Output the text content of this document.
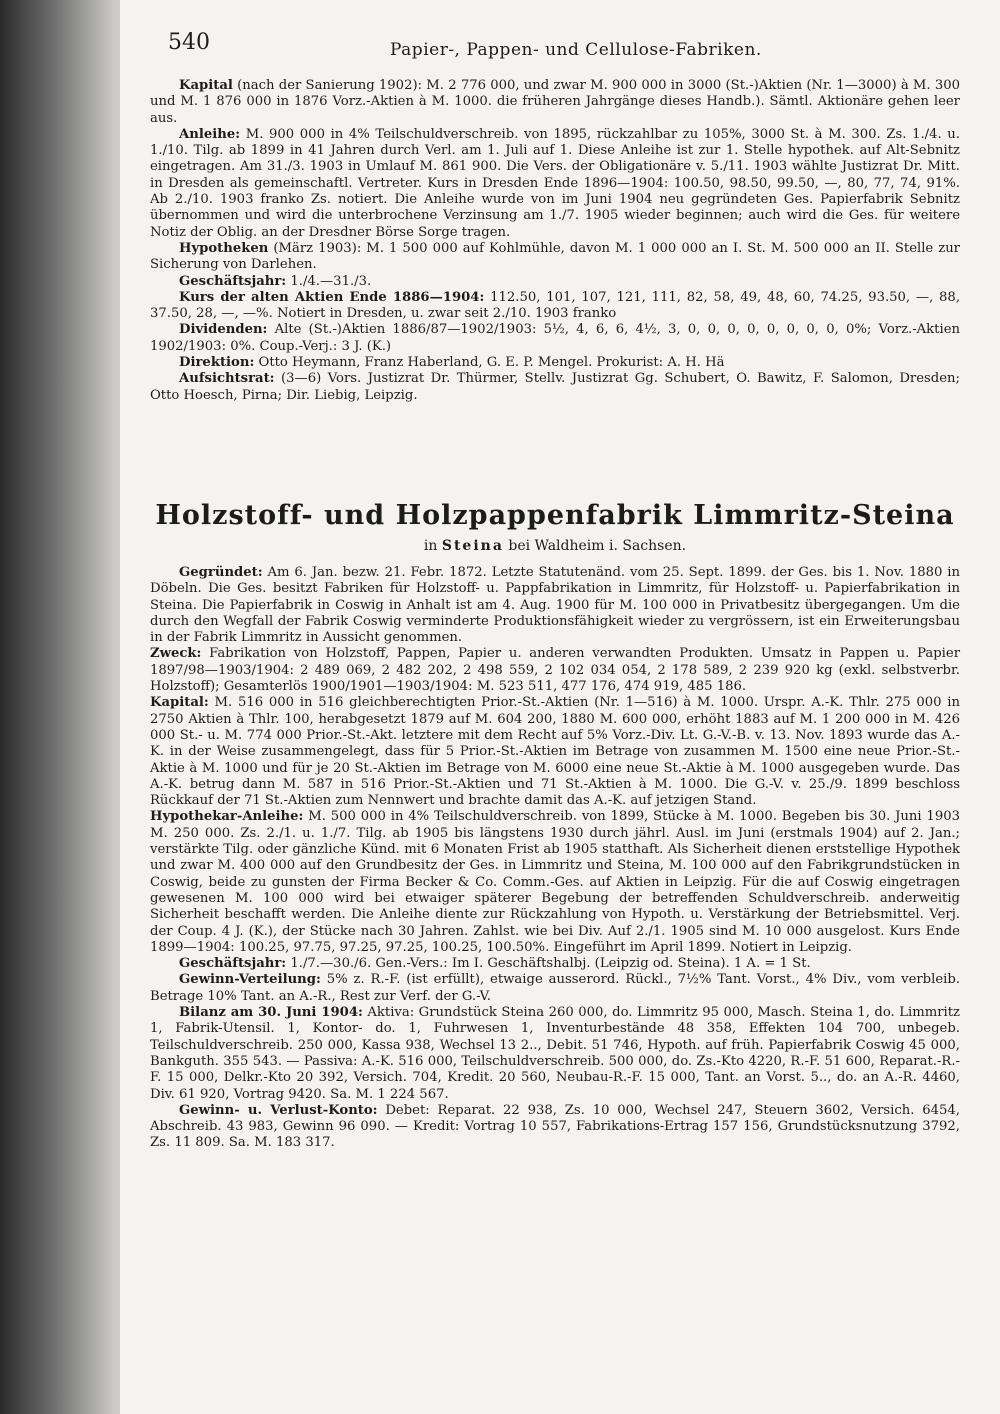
540	Papier-, Pappen- und Cellulose-Fabriken.

Kapital (nach der Sanierung 1902): M. 2 776 000, und zwar M. 900 000 in 3000 (St.-)Aktien (Nr. 1—3000) à M. 300 und M. 1 876 000 in 1876 Vorz.-Aktien à M. 1000. die früheren Jahrgänge dieses Handb.). Sämtl. Aktionäre gehen leer aus.

Anleihe: M. 900 000 in 4% Teilschuldverschreib. von 1895, rückzahlbar zu 105%, 3000 St. à M. 300. Zs. 1./4. u. 1./10. Tilg. ab 1899 in 41 Jahren durch Verl. am 1. Juli auf 1. Diese Anleihe ist zur 1. Stelle hypothek. auf Alt-Sebnitz eingetragen. Am 31./3. 1903 in Umlauf M. 861 900. Die Vers. der Obligationäre v. 5./11. 1903 wählte Justizrat Dr. Mitt. in Dresden als gemeinschaftl. Vertreter. Kurs in Dresden Ende 1896—1904: 100.50, 98.50, 99.50, —, 80, 77, 74, 91%. Ab 2./10. 1903 franko Zs. notiert. Die Anleihe wurde von im Juni 1904 neu gegründeten Ges. Papierfabrik Sebnitz übernommen und wird die unterbrochene Verzinsung am 1./7. 1905 wieder beginnen; auch wird die Ges. für weitere Notiz der Oblig. an der Dresdner Börse Sorge tragen.

Hypotheken (März 1903): M. 1 500 000 auf Kohlmühle, davon M. 1 000 000 an I. St. M. 500 000 an II. Stelle zur Sicherung von Darlehen.

Geschäftsjahr: 1./4.—31./3.

Kurs der alten Aktien Ende 1886—1904: 112.50, 101, 107, 121, 111, 82, 58, 49, 48, 60, 74.25, 93.50, —, 88, 37.50, 28, —, —%. Notiert in Dresden, u. zwar seit 2./10. 1903 franko

Dividenden: Alte (St.-)Aktien 1886/87—1902/1903: 5½, 4, 6, 6, 4½, 3, 0, 0, 0, 0, 0, 0, 0, 0, 0%; Vorz.-Aktien 1902/1903: 0%. Coup.-Verj.: 3 J. (K.)

Direktion: Otto Heymann, Franz Haberland, G. E. P. Mengel. Prokurist: A. H. Hä

Aufsichtsrat: (3—6) Vors. Justizrat Dr. Thürmer, Stellv. Justizrat Gg. Schubert, O. Bawitz, F. Salomon, Dresden; Otto Hoesch, Pirna; Dir. Liebig, Leipzig.

Holzstoff- und Holzpappenfabrik Limmritz-Steina
in Steina bei Waldheim i. Sachsen.

Gegründet: Am 6. Jan. bezw. 21. Febr. 1872. Letzte Statutenänd. vom 25. Sept. 1899. der Ges. bis 1. Nov. 1880 in Döbeln. Die Ges. besitzt Fabriken für Holzstoff- u. Pappfabrikation in Limmritz, für Holzstoff- u. Papierfabrikation in Steina. Die Papierfabrik in Coswig in Anhalt ist am 4. Aug. 1900 für M. 100 000 in Privatbesitz übergegangen. Um die durch den Wegfall der Fabrik Coswig verminderte Produktionsfähigkeit wieder zu vergrössern, ist ein Erweiterungsbau in der Fabrik Limmritz in Aussicht genommen.

Zweck: Fabrikation von Holzstoff, Pappen, Papier u. anderen verwandten Produkten. Umsatz in Pappen u. Papier 1897/98—1903/1904: 2 489 069, 2 482 202, 2 498 559, 2 102 034 054, 2 178 589, 2 239 920 kg (exkl. selbstverbr. Holzstoff); Gesamterlös 1900/1901—1903/1904: M. 523 511, 477 176, 474 919, 485 186.

Kapital: M. 516 000 in 516 gleichberechtigten Prior.-St.-Aktien (Nr. 1—516) à M. 1000. Urspr. A.-K. Thlr. 275 000 in 2750 Aktien à Thlr. 100, herabgesetzt 1879 auf M. 604 200, 1880 M. 600 000, erhöht 1883 auf M. 1 200 000 in M. 426 000 St.- u. M. 774 000 Prior.-St.-Akt. letztere mit dem Recht auf 5% Vorz.-Div. Lt. G.-V.-B. v. 13. Nov. 1893 wurde das A.-K. in der Weise zusammengelegt, dass für 5 Prior.-St.-Aktien im Betrage von zusammen M. 1500 eine neue Prior.-St.-Aktie à M. 1000 und für je 20 St.-Aktien im Betrage von M. 6000 eine neue St.-Aktie à M. 1000 ausgegeben wurde. Das A.-K. betrug dann M. 587 in 516 Prior.-St.-Aktien und 71 St.-Aktien à M. 1000. Die G.-V. v. 25./9. 1899 beschloss Rückkauf der 71 St.-Aktien zum Nennwert und brachte damit das A.-K. auf jetzigen Stand.

Hypothekar-Anleihe: M. 500 000 in 4% Teilschuldverschreib. von 1899, Stücke à M. 1000. Begeben bis 30. Juni 1903 M. 250 000. Zs. 2./1. u. 1./7. Tilg. ab 1905 bis längstens 1930 durch jährl. Ausl. im Juni (erstmals 1904) auf 2. Jan.; verstärkte Tilg. oder gänzliche Künd. mit 6 Monaten Frist ab 1905 statthaft. Als Sicherheit dienen erststellige Hypothek und zwar M. 400 000 auf den Grundbesitz der Ges. in Limmritz und Steina, M. 100 000 auf den Fabrikgrundstücken in Coswig, beide zu gunsten der Firma Becker & Co. Comm.-Ges. auf Aktien in Leipzig. Für die auf Coswig eingetragen gewesenen M. 100 000 wird bei etwaiger späterer Begebung der betreffenden Schuldverschreib. anderweitig Sicherheit beschafft werden. Die Anleihe diente zur Rückzahlung von Hypoth. u. Verstärkung der Betriebsmittel. Verj. der Coup. 4 J. (K.), der Stücke nach 30 Jahren. Zahlst. wie bei Div. Auf 2./1. 1905 sind M. 10 000 ausgelost. Kurs Ende 1899—1904: 100.25, 97.75, 97.25, 97.25, 100.25, 100.50%. Eingeführt im April 1899. Notiert in Leipzig.

Geschäftsjahr: 1./7.—30./6. Gen.-Vers.: Im I. Geschäftshalbj. (Leipzig od. Steina). 1 A. = 1 St.

Gewinn-Verteilung: 5% z. R.-F. (ist erfüllt), etwaige ausserord. Rückl., 7½% Tant. Vorst., 4% Div., vom verbleib. Betrage 10% Tant. an A.-R., Rest zur Verf. der G.-V.

Bilanz am 30. Juni 1904: Aktiva: Grundstück Steina 260 000, do. Limmritz 95 000, Masch. Steina 1, do. Limmritz 1, Fabrik-Utensil. 1, Kontor- do. 1, Fuhrwesen 1, Inventurbestände 48 358, Effekten 104 700, unbegeb. Teilschuldverschreib. 250 000, Kassa 938, Wechsel 13 2.., Debit. 51 746, Hypoth. auf früh. Papierfabrik Coswig 45 000, Bankguth. 355 543. — Passiva: A.-K. 516 000, Teilschuldverschreib. 500 000, do. Zs.-Kto 4220, R.-F. 51 600, Reparat.-R.-F. 15 000, Delkr.-Kto 20 392, Versich. 704, Kredit. 20 560, Neubau-R.-F. 15 000, Tant. an Vorst. 5.., do. an A.-R. 4460, Div. 61 920, Vortrag 9420. Sa. M. 1 224 567.

Gewinn- u. Verlust-Konto: Debet: Reparat. 22 938, Zs. 10 000, Wechsel 247, Steuern 3602, Versich. 6454, Abschreib. 43 983, Gewinn 96 090. — Kredit: Vortrag 10 557, Fabrikations-Ertrag 157 156, Grundstücksnutzung 3792, Zs. 11 809. Sa. M. 183 317.
